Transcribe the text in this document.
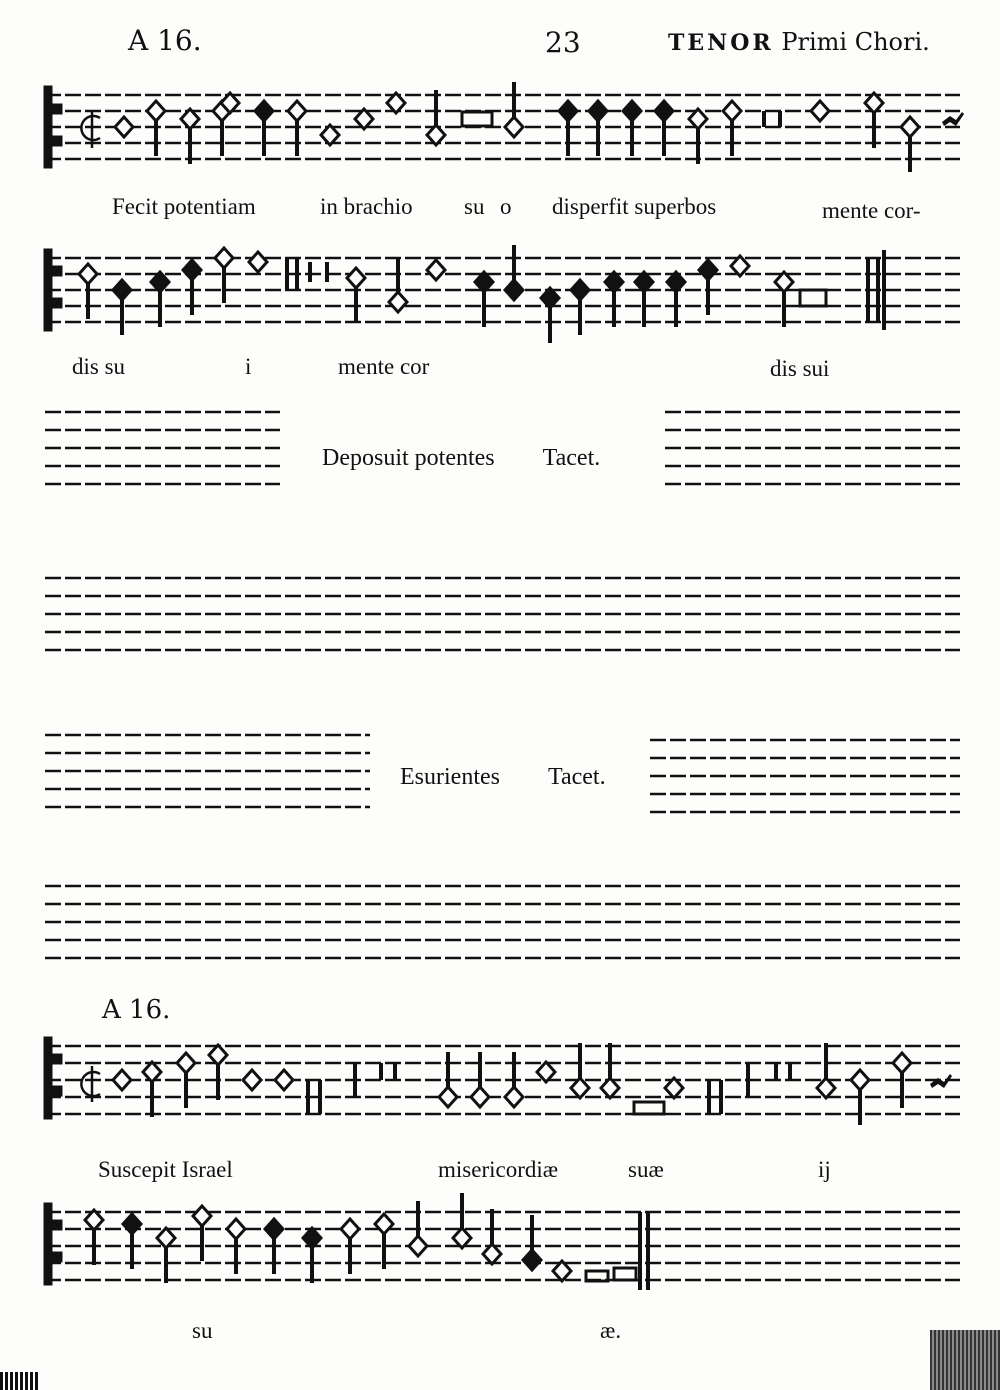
A 16.	23	TENOR Primi Chori.
Fecit potentiam	in brachio su o disperfit superbos	mente cor-
dis su	i	mente cor	dis sui
Deposuit potentes Tacet.
Esurientes Tacet.
A 16.
Suscepit Israel	misericordiæ	suæ	ij
su	æ.
